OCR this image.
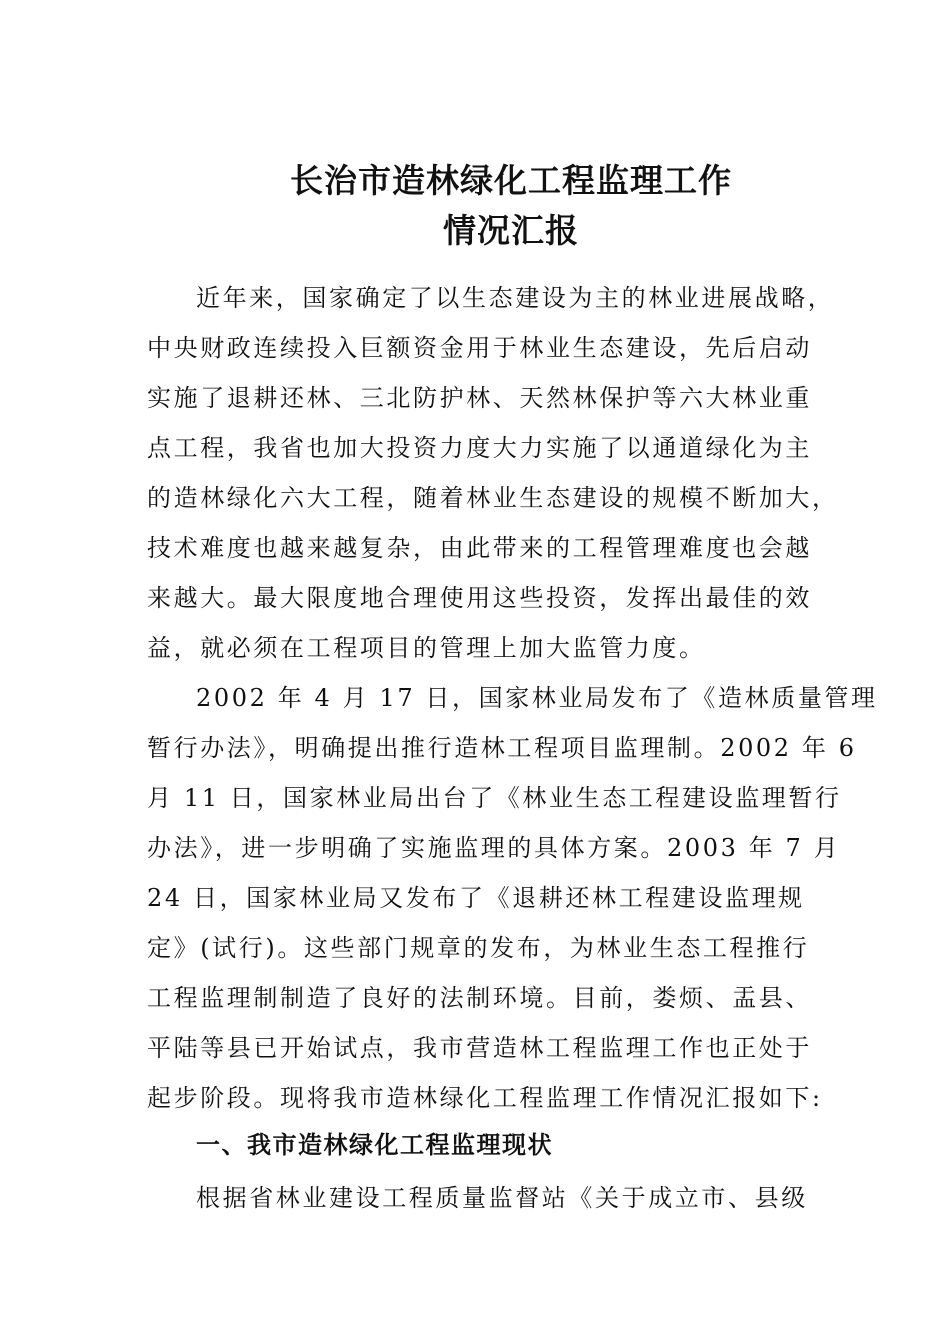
长治市造林绿化工程监理工作
情况汇报
近年来，国家确定了以生态建设为主的林业进展战略，
中央财政连续投入巨额资金用于林业生态建设，先后启动
实施了退耕还林、三北防护林、天然林保护等六大林业重
点工程，我省也加大投资力度大力实施了以通道绿化为主
的造林绿化六大工程，随着林业生态建设的规模不断加大，
技术难度也越来越复杂，由此带来的工程管理难度也会越
来越大。最大限度地合理使用这些投资，发挥出最佳的效
益，就必须在工程项目的管理上加大监管力度。
2002 年 4 月 17 日，国家林业局发布了《造林质量管理
暂行办法》，明确提出推行造林工程项目监理制。2002 年 6
月 11 日，国家林业局出台了《林业生态工程建设监理暂行
办法》，进一步明确了实施监理的具体方案。2003 年 7 月
24 日，国家林业局又发布了《退耕还林工程建设监理规
定》(试行)。这些部门规章的发布，为林业生态工程推行
工程监理制制造了良好的法制环境。目前，娄烦、盂县、
平陆等县已开始试点，我市营造林工程监理工作也正处于
起步阶段。现将我市造林绿化工程监理工作情况汇报如下:
一、我市造林绿化工程监理现状
根据省林业建设工程质量监督站《关于成立市、县级
